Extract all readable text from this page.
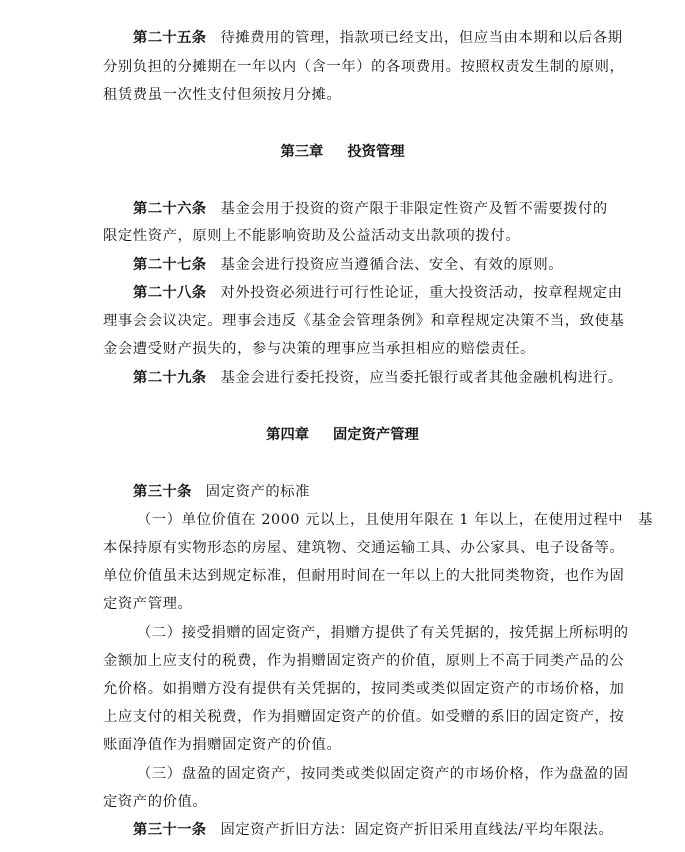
第二十五条 待摊费用的管理，指款项已经支出，但应当由本期和以后各期
分别负担的分摊期在一年以内（含一年）的各项费用。按照权责发生制的原则，
租赁费虽一次性支付但须按月分摊。
第三章 投资管理
第二十六条 基金会用于投资的资产限于非限定性资产及暂不需要拨付的
限定性资产，原则上不能影响资助及公益活动支出款项的拨付。
第二十七条 基金会进行投资应当遵循合法、安全、有效的原则。
第二十八条 对外投资必须进行可行性论证，重大投资活动，按章程规定由
理事会会议决定。理事会违反《基金会管理条例》和章程规定决策不当，致使基
金会遭受财产损失的，参与决策的理事应当承担相应的赔偿责任。
第二十九条 基金会进行委托投资，应当委托银行或者其他金融机构进行。
第四章 固定资产管理
第三十条 固定资产的标准
（一）单位价值在 2000 元以上，且使用年限在 1 年以上，在使用过程中　基
本保持原有实物形态的房屋、建筑物、交通运输工具、办公家具、电子设备等。
单位价值虽未达到规定标准，但耐用时间在一年以上的大批同类物资，也作为固
定资产管理。
（二）接受捐赠的固定资产，捐赠方提供了有关凭据的，按凭据上所标明的
金额加上应支付的税费，作为捐赠固定资产的价值，原则上不高于同类产品的公
允价格。如捐赠方没有提供有关凭据的，按同类或类似固定资产的市场价格，加
上应支付的相关税费，作为捐赠固定资产的价值。如受赠的系旧的固定资产，按
账面净值作为捐赠固定资产的价值。
（三）盘盈的固定资产，按同类或类似固定资产的市场价格，作为盘盈的固
定资产的价值。
第三十一条 固定资产折旧方法：固定资产折旧采用直线法/平均年限法。
